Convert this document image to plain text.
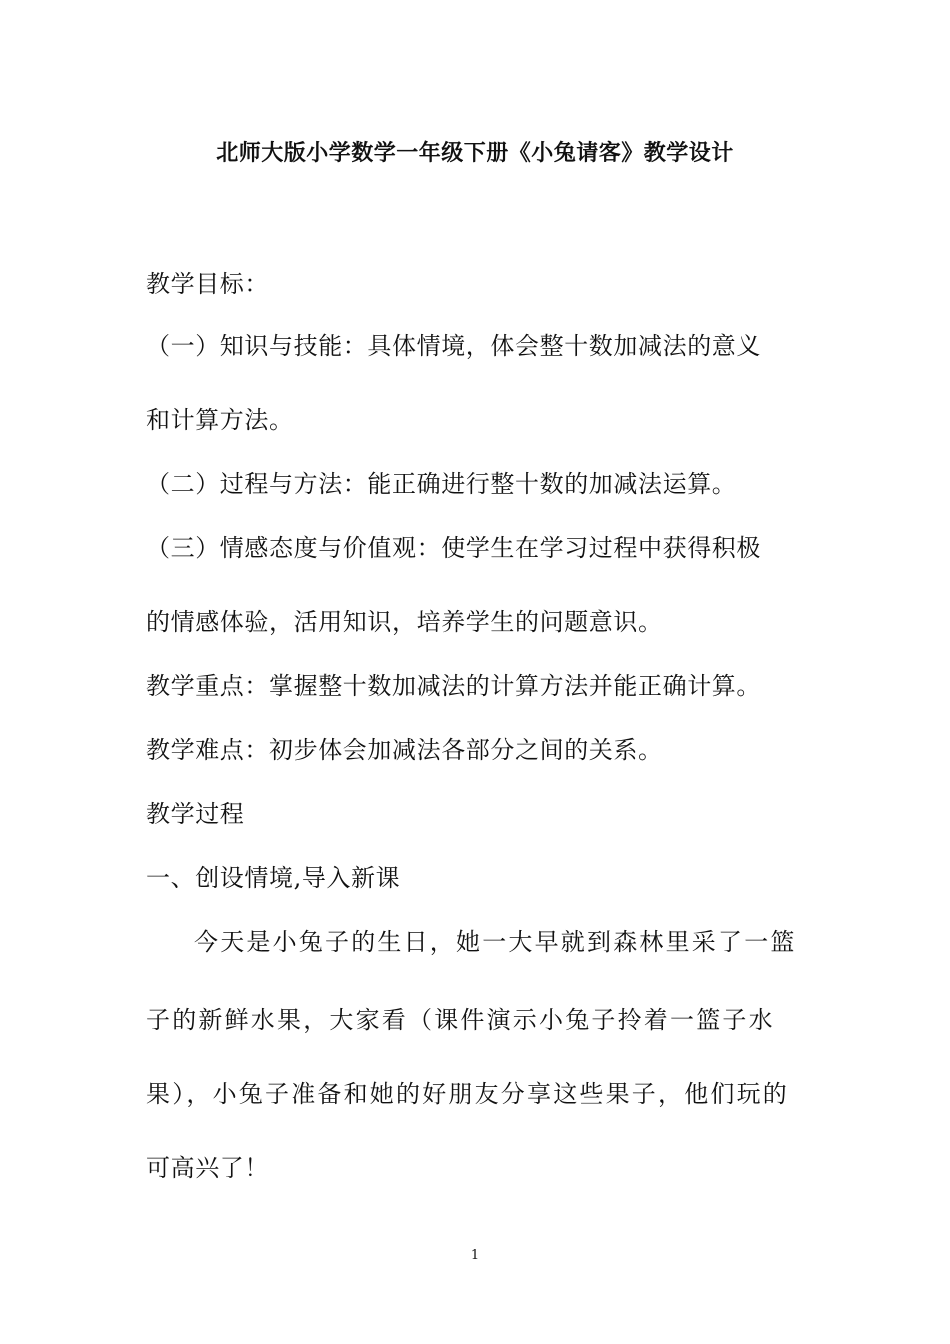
北师大版小学数学一年级下册《小兔请客》教学设计
教学目标：
（一）知识与技能：具体情境，体会整十数加减法的意义
和计算方法。
（二）过程与方法：能正确进行整十数的加减法运算。
（三）情感态度与价值观：使学生在学习过程中获得积极
的情感体验，活用知识，培养学生的问题意识。
教学重点：掌握整十数加减法的计算方法并能正确计算。
教学难点：初步体会加减法各部分之间的关系。
教学过程
一、创设情境,导入新课
今天是小兔子的生日，她一大早就到森林里采了一篮
子的新鲜水果，大家看（课件演示小兔子拎着一篮子水
果），小兔子准备和她的好朋友分享这些果子，他们玩的
可高兴了！
1
